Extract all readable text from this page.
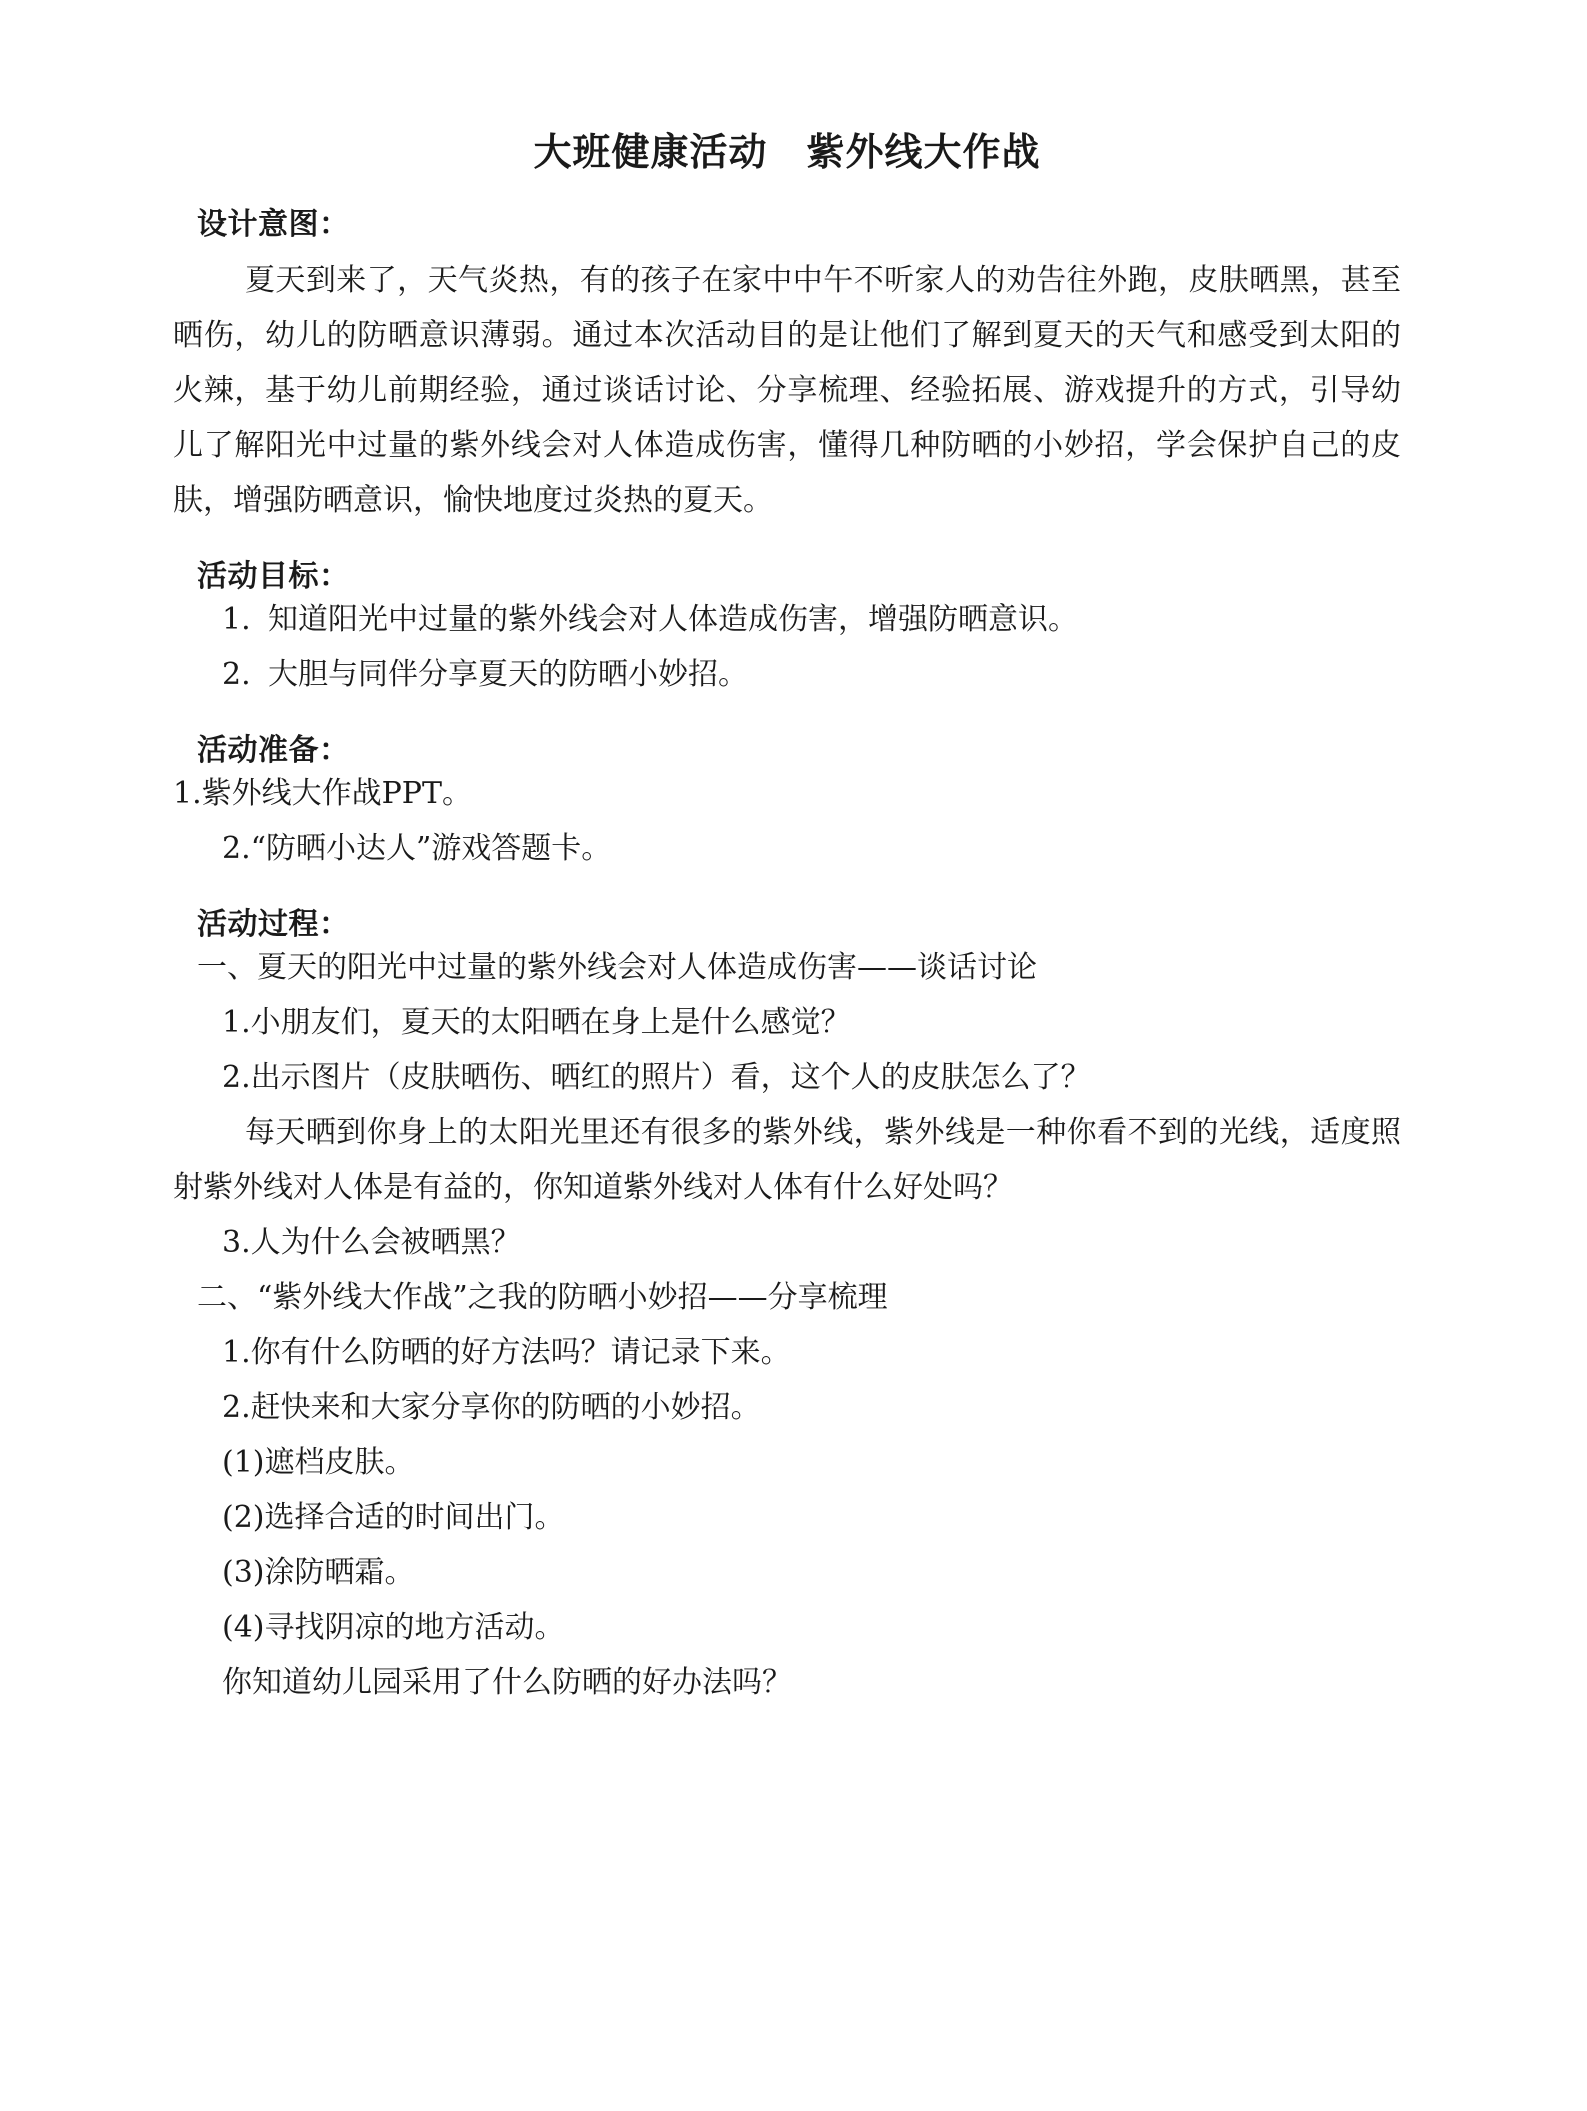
大班健康活动　紫外线大作战
设计意图：

夏天到来了，天气炎热，有的孩子在家中中午不听家人的劝告往外跑，皮肤晒黑，甚至晒伤，幼儿的防晒意识薄弱。通过本次活动目的是让他们了解到夏天的天气和感受到太阳的火辣，基于幼儿前期经验，通过谈话讨论、分享梳理、经验拓展、游戏提升的方式，引导幼儿了解阳光中过量的紫外线会对人体造成伤害，懂得几种防晒的小妙招，学会保护自己的皮肤，增强防晒意识，愉快地度过炎热的夏天。

活动目标：
1. 知道阳光中过量的紫外线会对人体造成伤害，增强防晒意识。
2. 大胆与同伴分享夏天的防晒小妙招。
活动准备：
1.紫外线大作战PPT。
2.“防晒小达人”游戏答题卡。
活动过程：
一、夏天的阳光中过量的紫外线会对人体造成伤害——谈话讨论
1.小朋友们，夏天的太阳晒在身上是什么感觉？
2.出示图片（皮肤晒伤、晒红的照片）看，这个人的皮肤怎么了？

每天晒到你身上的太阳光里还有很多的紫外线，紫外线是一种你看不到的光线，适度照射紫外线对人体是有益的，你知道紫外线对人体有什么好处吗？

3.人为什么会被晒黑？
二、“紫外线大作战”之我的防晒小妙招——分享梳理
1.你有什么防晒的好方法吗？请记录下来。
2.赶快来和大家分享你的防晒的小妙招。
(1)遮档皮肤。
(2)选择合适的时间出门。
(3)涂防晒霜。
(4)寻找阴凉的地方活动。
你知道幼儿园采用了什么防晒的好办法吗？
